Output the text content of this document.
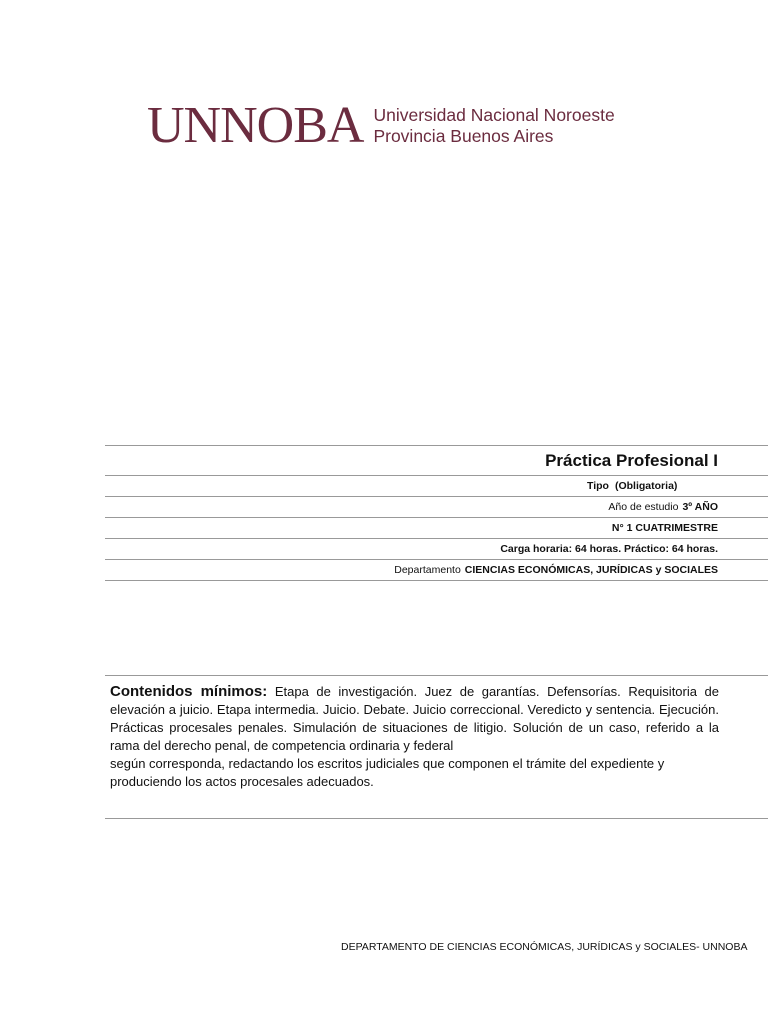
UNNOBA Universidad Nacional Noroeste
Provincia Buenos Aires
Práctica Profesional I
Tipo (Obligatoria)
Año de estudio 3º AÑO
N° 1 CUATRIMESTRE
Carga horaria: 64 horas. Práctico: 64 horas.
Departamento CIENCIAS ECONÓMICAS, JURÍDICAS y SOCIALES

Contenidos mínimos: Etapa de investigación. Juez de garantías. Defensorías. Requisitoria de elevación a juicio. Etapa intermedia. Juicio. Debate. Juicio correccional. Veredicto y sentencia. Ejecución. Prácticas procesales penales. Simulación de situaciones de litigio. Solución de un caso, referido a la rama del derecho penal, de competencia ordinaria y federal

según corresponda, redactando los escritos judiciales que componen el trámite del expediente y produciendo los actos procesales adecuados.

DEPARTAMENTO DE CIENCIAS ECONÓMICAS, JURÍDICAS y SOCIALES- UNNOBA
